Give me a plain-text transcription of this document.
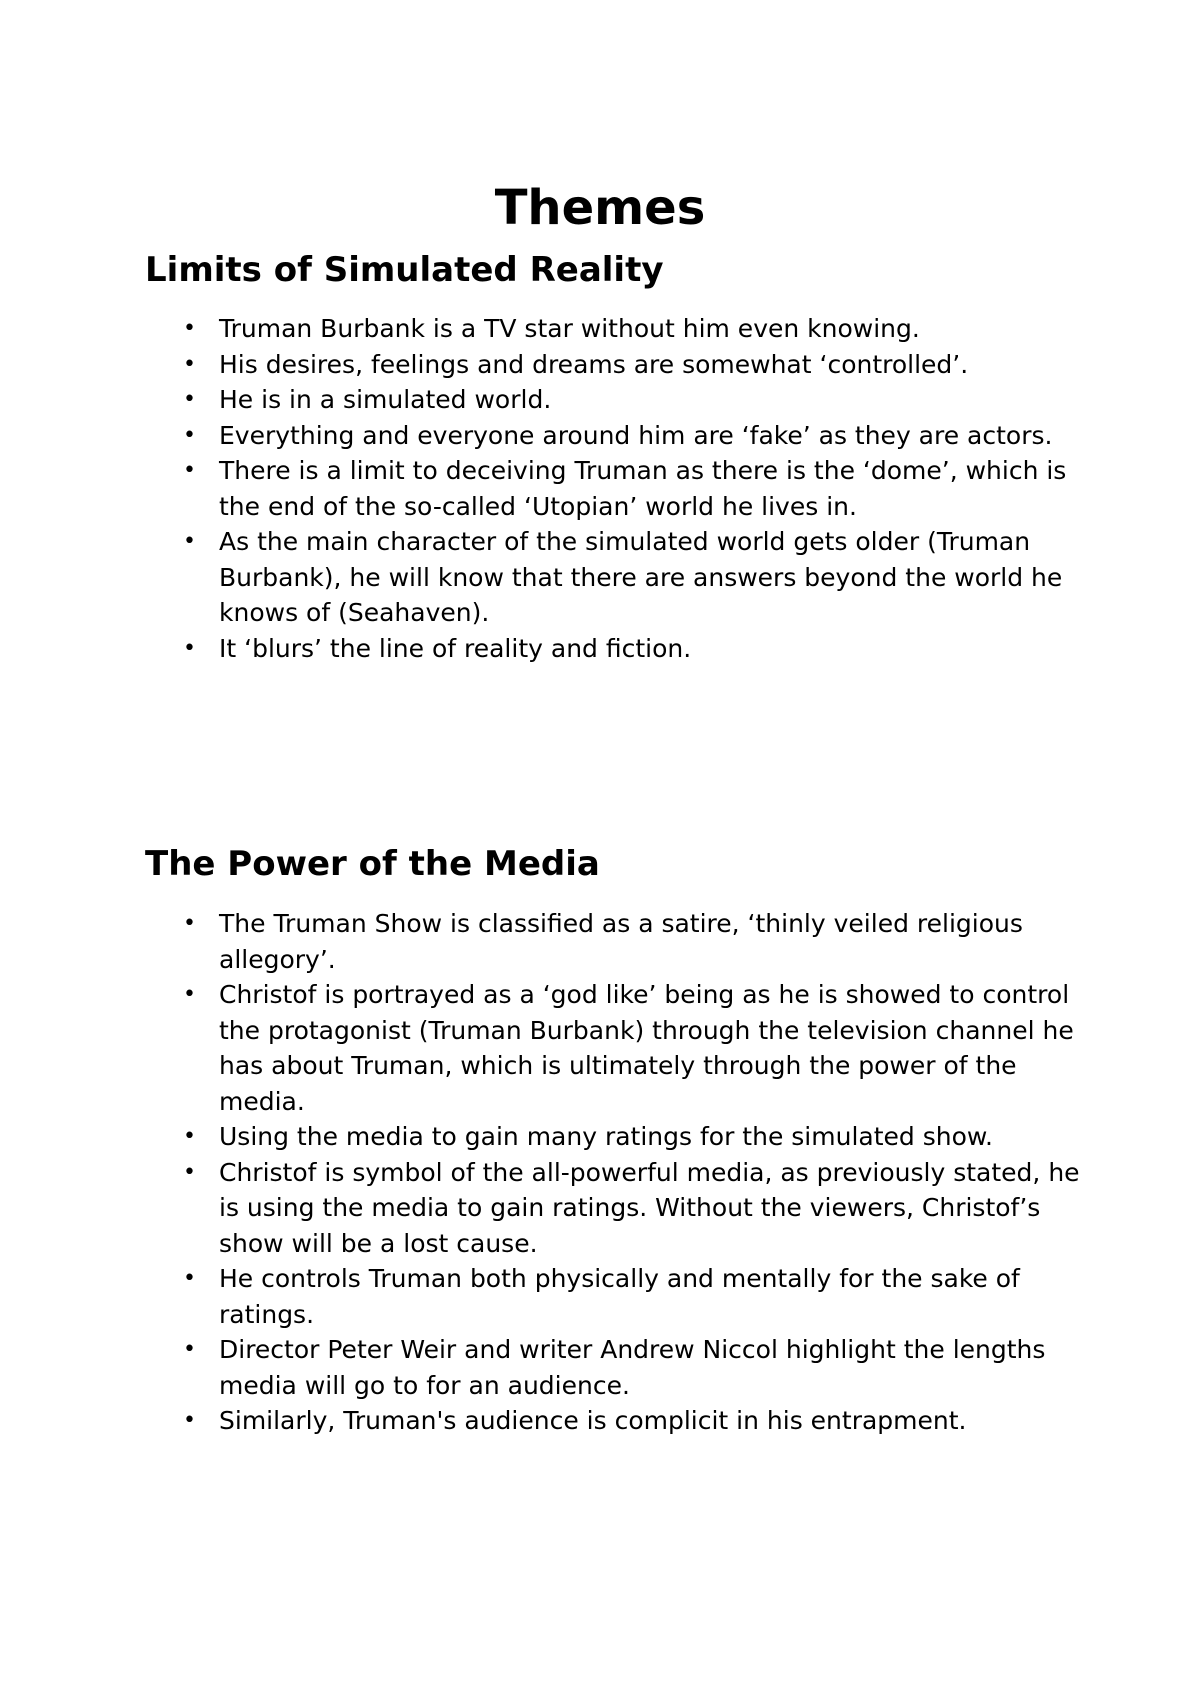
Themes
Limits of Simulated Reality
• Truman Burbank is a TV star without him even knowing.
• His desires, feelings and dreams are somewhat ‘controlled’.
• He is in a simulated world.
• Everything and everyone around him are ‘fake’ as they are actors.
• There is a limit to deceiving Truman as there is the ‘dome’, which is the end of the so-called ‘Utopian’ world he lives in.
• As the main character of the simulated world gets older (Truman Burbank), he will know that there are answers beyond the world he knows of (Seahaven).
• It ‘blurs’ the line of reality and fiction.
The Power of the Media
• The Truman Show is classified as a satire, ‘thinly veiled religious allegory’.
• Christof is portrayed as a ‘god like’ being as he is showed to control the protagonist (Truman Burbank) through the television channel he has about Truman, which is ultimately through the power of the media.
• Using the media to gain many ratings for the simulated show.
• Christof is symbol of the all-powerful media, as previously stated, he is using the media to gain ratings. Without the viewers, Christof’s show will be a lost cause.
• He controls Truman both physically and mentally for the sake of ratings.
• Director Peter Weir and writer Andrew Niccol highlight the lengths media will go to for an audience.
• Similarly, Truman's audience is complicit in his entrapment.
